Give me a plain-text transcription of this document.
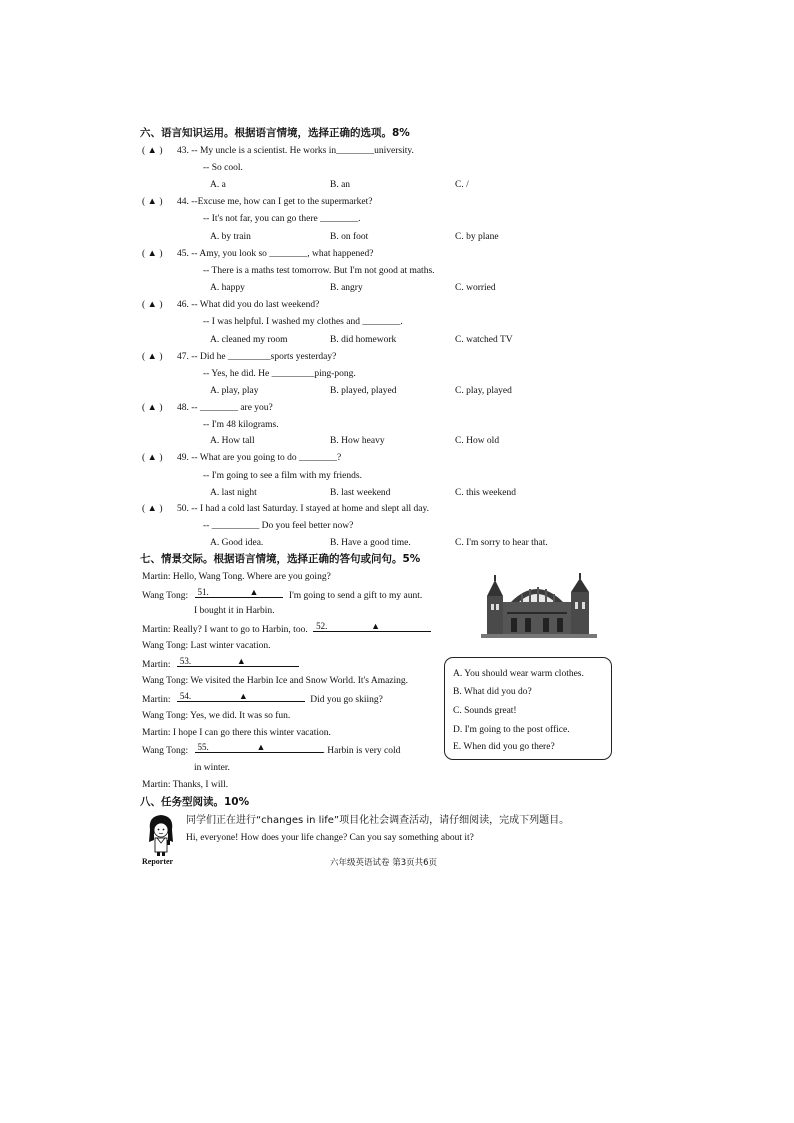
六、语言知识运用。根据语言情境，选择正确的选项。8%
( ▲ ) 43. -- My uncle is a scientist. He works in________university.
-- So cool.
A. a	B. an	C. /
( ▲ ) 44. --Excuse me, how can I get to the supermarket?
-- It's not far, you can go there ________.
A. by train	B. on foot	C. by plane
( ▲ ) 45. -- Amy, you look so ________, what happened?
-- There is a maths test tomorrow. But I'm not good at maths.
A. happy	B. angry	C. worried
( ▲ ) 46. -- What did you do last weekend?
-- I was helpful. I washed my clothes and ________.
A. cleaned my room	B. did homework	C. watched TV
( ▲ ) 47. -- Did he _________sports yesterday?
-- Yes, he did. He _________ping-pong.
A. play, play	B. played, played	C. play, played
( ▲ ) 48. -- ________ are you?
-- I'm 48 kilograms.
A. How tall	B. How heavy	C. How old
( ▲ ) 49. -- What are you going to do ________?
-- I'm going to see a film with my friends.
A. last night	B. last weekend	C. this weekend
( ▲ ) 50. -- I had a cold last Saturday. I stayed at home and slept all day.
-- __________ Do you feel better now?
A. Good idea.	B. Have a good time.	C. I'm sorry to hear that.
七、情景交际。根据语言情境，选择正确的答句或问句。5%
Martin: Hello, Wang Tong. Where are you going?
Wang Tong: 51.	▲	I'm going to send a gift to my aunt.
I bought it in Harbin.
Martin: Really? I want to go to Harbin, too. 52.	▲
Wang Tong: Last winter vacation.
Martin: 53.	▲
Wang Tong: We visited the Harbin Ice and Snow World. It's Amazing.
Martin: 54.	▲	Did you go skiing?
Wang Tong: Yes, we did. It was so fun.
Martin: I hope I can go there this winter vacation.
Wang Tong: 55.	▲	. Harbin is very cold
in winter.
Martin: Thanks, I will.
A. You should wear warm clothes.
B. What did you do?
C. Sounds great!
D. I'm going to the post office.
E. When did you go there?
八、任务型阅读。10%
同学们正在进行“changes in life”项目化社会调查活动，请仔细阅读，完成下列题目。
Hi, everyone! How does your life change? Can you say something about it?
Reporter	六年级英语试卷 第3页共6页
